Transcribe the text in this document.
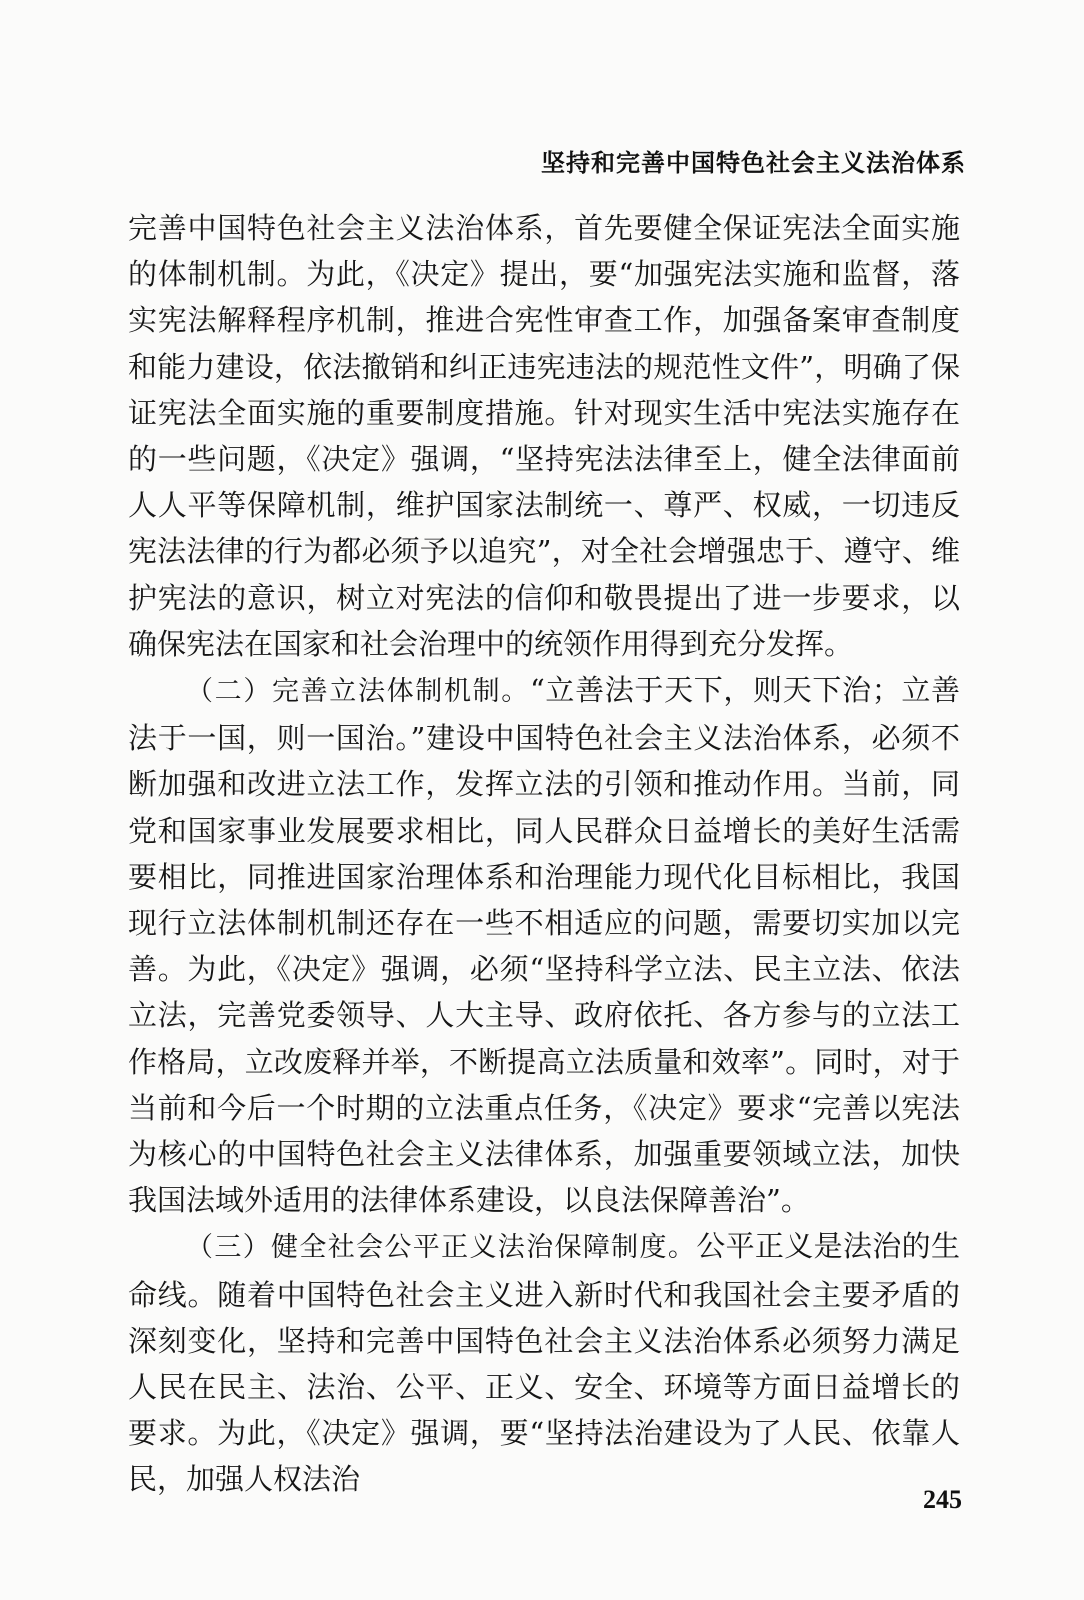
坚持和完善中国特色社会主义法治体系

完善中国特色社会主义法治体系，首先要健全保证宪法全面实施的体制机制。为此，《决定》提出，要“加强宪法实施和监督，落实宪法解释程序机制，推进合宪性审查工作，加强备案审查制度和能力建设，依法撤销和纠正违宪违法的规范性文件”，明确了保证宪法全面实施的重要制度措施。针对现实生活中宪法实施存在的一些问题，《决定》强调，“坚持宪法法律至上，健全法律面前人人平等保障机制，维护国家法制统一、尊严、权威，一切违反宪法法律的行为都必须予以追究”，对全社会增强忠于、遵守、维护宪法的意识，树立对宪法的信仰和敬畏提出了进一步要求，以确保宪法在国家和社会治理中的统领作用得到充分发挥。

（二）完善立法体制机制。“立善法于天下，则天下治；立善法于一国，则一国治。”建设中国特色社会主义法治体系，必须不断加强和改进立法工作，发挥立法的引领和推动作用。当前，同党和国家事业发展要求相比，同人民群众日益增长的美好生活需要相比，同推进国家治理体系和治理能力现代化目标相比，我国现行立法体制机制还存在一些不相适应的问题，需要切实加以完善。为此，《决定》强调，必须“坚持科学立法、民主立法、依法立法，完善党委领导、人大主导、政府依托、各方参与的立法工作格局，立改废释并举，不断提高立法质量和效率”。同时，对于当前和今后一个时期的立法重点任务，《决定》要求“完善以宪法为核心的中国特色社会主义法律体系，加强重要领域立法，加快我国法域外适用的法律体系建设，以良法保障善治”。

（三）健全社会公平正义法治保障制度。公平正义是法治的生命线。随着中国特色社会主义进入新时代和我国社会主要矛盾的深刻变化，坚持和完善中国特色社会主义法治体系必须努力满足人民在民主、法治、公平、正义、安全、环境等方面日益增长的要求。为此，《决定》强调，要“坚持法治建设为了人民、依靠人民，加强人权法治

245
